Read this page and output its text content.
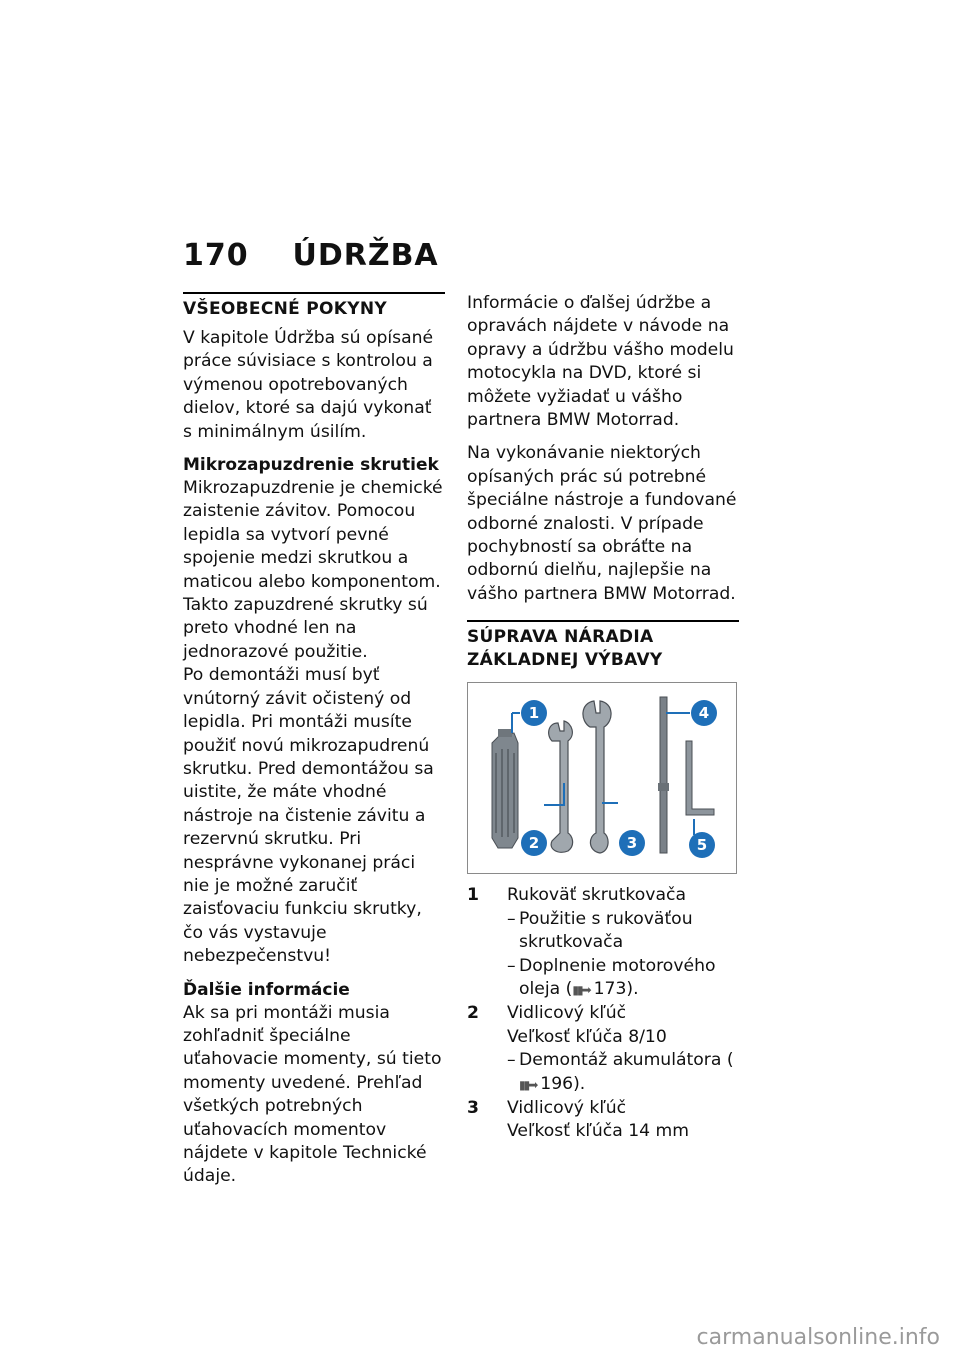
170 ÚDRŽBA
VŠEOBECNÉ POKYNY

V kapitole Údržba sú opísané práce súvisiace s kontrolou a výmenou opotrebovaných dielov, ktoré sa dajú vykonať s minimálnym úsilím.

Mikrozapuzdrenie skrutiek

Mikrozapuzdrenie je chemické zaistenie závitov. Pomocou lepidla sa vytvorí pevné spojenie medzi skrutkou a maticou alebo komponentom. Takto zapuzdrené skrutky sú preto vhodné len na jednorazové použitie.

Po demontáži musí byť vnútorný závit očistený od lepidla. Pri montáži musíte použiť novú mikrozapudrenú skrutku. Pred demontážou sa uistite, že máte vhodné nástroje na čistenie závitu a rezervnú skrutku. Pri nesprávne vykonanej práci nie je možné zaručiť zaisťovaciu funkciu skrutky, čo vás vystavuje nebezpečenstvu!

Ďalšie informácie

Ak sa pri montáži musia zohľadniť špeciálne uťahovacie momenty, sú tieto momenty uvedené. Prehľad všetkých potrebných uťahovacích momentov nájdete v kapitole Technické údaje.

Informácie o ďalšej údržbe a opravách nájdete v návode na opravy a údržbu vášho modelu motocykla na DVD, ktoré si môžete vyžiadať u vášho partnera BMW Motorrad.

Na vykonávanie niektorých opísaných prác sú potrebné špeciálne nástroje a fundované odborné znalosti. V prípade pochybností sa obráťte na odbornú dielňu, najlepšie na vášho partnera BMW Motorrad.

SÚPRAVA NÁRADIA ZÁKLADNEJ VÝBAVY
1
2	3
4
5
1	Rukoväť skrutkovača
– Použitie s rukoväťou skrutkovača
– Doplnenie motorového oleja (▮▮➡ 173).
2	Vidlicový kľúč
Veľkosť kľúča 8/10
– Demontáž akumulátora (▮▮➡ 196).
3	Vidlicový kľúč
Veľkosť kľúča 14 mm
carmanualsonline.info
